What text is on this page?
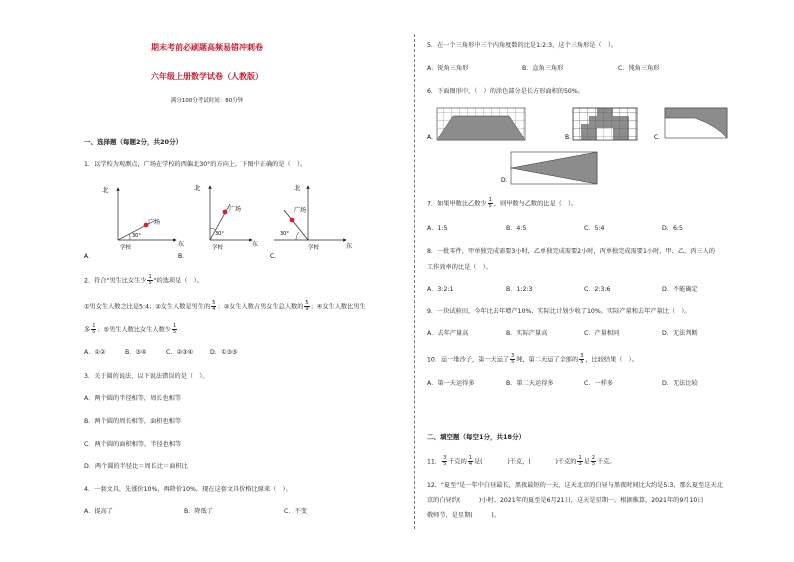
期末考前必刷题高频易错冲刺卷
六年级上册数学试卷（人教版）
满分100分考试时间：80分钟
一、选择题（每题2分，共20分）
1．以学校为观测点，广场在学校的西偏北30°的方向上，下图中正确的是（　）。
北
东
广场
30°
学校
A．
北
东
广场
30°
学校
B．
北
东
广场
30°
学校
C．
2．符合"男生比女生少 $\frac{1}{5}$ "的选项是（　）。
①男女生人数之比是5:4；②女生人数是男生的 $\frac{5}{4}$ ；③女生人数占男女生总人数的 $\frac{5}{9}$ ；④女生人数比男生
多 $\frac{1}{5}$ ；⑤男生人数比女生人数少 $\frac{1}{5}$
A．①②	B．③④	C．②③④	D．①③⑤
3．关于圆的说法，以下说法错误的是（　）。
A．两个圆的半径相等，周长也相等
B．两个圆的周长相等，面积也相等
C．两个圆的面积相等，半径也相等
D．两个圆的半径比＝周长比＝面积比
4．一套文具，先涨价10%，再降价10%，现在这套文具价格比原来（　）。
A．提高了	B．降低了	C．不变
5．在一个三角形中三个内角度数的比是1:2:3，这个三角形是（　）。
A．锐角三角形	B．直角三角形	C．钝角三角形
6．下面图形中，（　）的涂色部分是长方形面积的50%。
A．	B．	C．
D．
7．如果甲数比乙数少 $\frac{1}{5}$ ，则甲数与乙数的比是（　）。
A．1:5	B．4:5	C．5:4	D．6:5
8．一批零件，甲单独完成需要3小时，乙单独完成需要2小时，丙单独完成需要1小时，甲、乙、丙三人的
工作效率的比是（　）。
A．3:2:1	B．1:2:3	C．2:3:6	D．不能确定
9．一块试验田，今年比去年增产10%，实际比计划少收了10%。实际产量和去年产量比（　）。
A．去年产量高	B．实际产量高	C．产量相同	D．无法判断
10．运一堆沙子，第一天运了 $\frac{3}{5}$ 吨，第二天运了全部的 $\frac{3}{5}$ ，比较结果（　）。
A．第一天运得多	B．第二天运得多	C．一样多	D．无法比较
二、填空题（每空1分，共18分）
11． $\frac{3}{5}$ 千克的 $\frac{1}{4}$ 是(　　　　)千克，(　　　　)千克的 $\frac{1}{3}$ 是 $\frac{2}{5}$ 千克。
12．"夏至"是一年中白昼最长，黑夜最短的一天，这天北京的白昼与黑夜时间比大约是5:3，那么夏至这天北
京的白昼约(　　　)小时。2021年的夏至是6月21日，这天是星期一。根据推算，2021年的9月10日
敬师节，是星期(　　　)。
